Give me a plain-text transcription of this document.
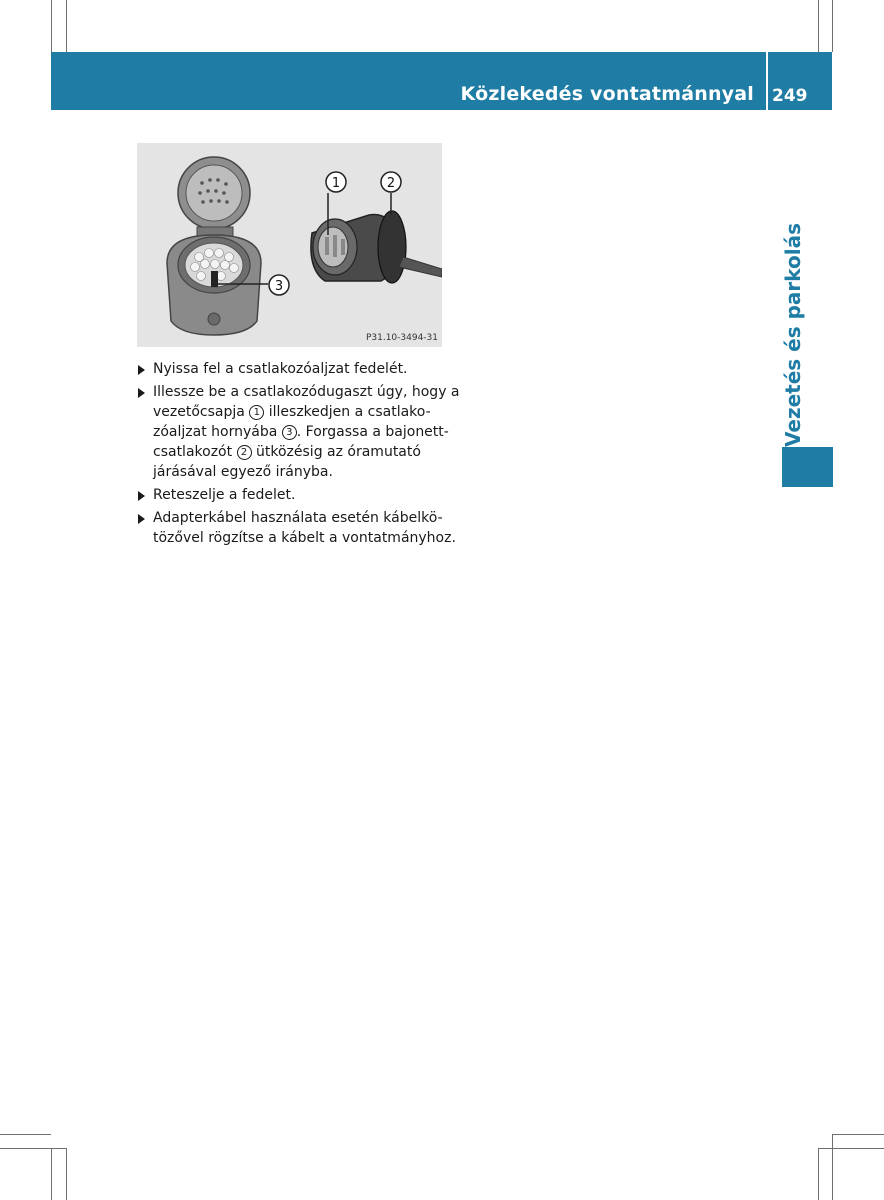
Közlekedés vontatmánnyal 249
Vezetés és parkolás
1	2
3
P31.10-3494-31
Nyissa fel a csatlakozóaljzat fedelét.
Illessze be a csatlakozódugaszt úgy, hogy a
vezetőcsapja 1 illeszkedjen a csatlako-
zóaljzat hornyába 3 . Forgassa a bajonett-
csatlakozót 2 ütközésig az óramutató
járásával egyező irányba.
Reteszelje a fedelet.
Adapterkábel használata esetén kábelkö-
tözővel rögzítse a kábelt a vontatmányhoz.
